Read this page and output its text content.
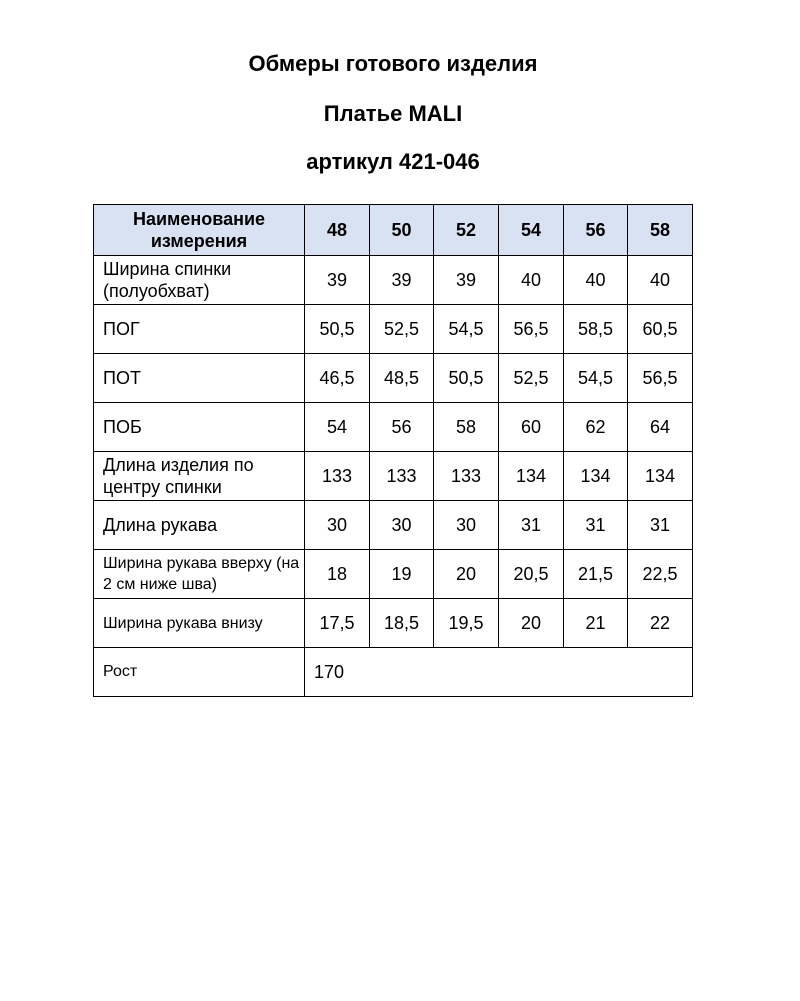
Обмеры готового изделия
Платье MALI
артикул 421-046
Наименование измерения	48	50	52	54	56	58
Ширина спинки (полуобхват)	39	39	39	40	40	40
ПОГ	50,5	52,5	54,5	56,5	58,5	60,5
ПОТ	46,5	48,5	50,5	52,5	54,5	56,5
ПОБ	54	56	58	60	62	64
Длина изделия по центру спинки	133	133	133	134	134	134
Длина рукава	30	30	30	31	31	31
Ширина рукава вверху (на 2 см ниже шва)	18	19	20	20,5	21,5	22,5
Ширина рукава внизу	17,5	18,5	19,5	20	21	22
Рост	170					
